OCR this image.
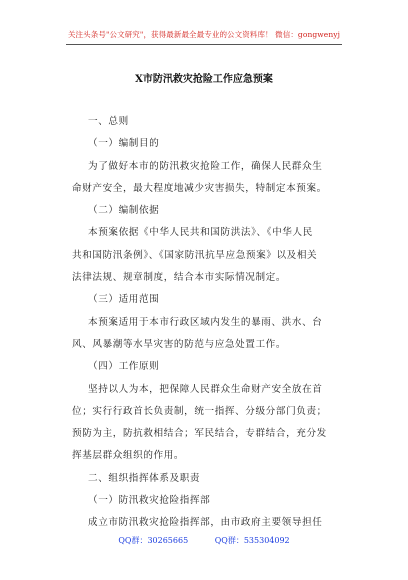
关注头条号"公文研究"，获得最新最全最专业的公文资料库！ 微信：gongwenyj
X市防汛救灾抢险工作应急预案
一、总则
（一）编制目的
为了做好本市的防汛救灾抢险工作，确保人民群众生
命财产安全，最大程度地减少灾害损失，特制定本预案。
（二）编制依据
本预案依据《中华人民共和国防洪法》、《中华人民
共和国防汛条例》、《国家防汛抗旱应急预案》以及相关
法律法规、规章制度，结合本市实际情况制定。
（三）适用范围
本预案适用于本市行政区域内发生的暴雨、洪水、台
风、风暴潮等水旱灾害的防范与应急处置工作。
（四）工作原则
坚持以人为本，把保障人民群众生命财产安全放在首
位；实行行政首长负责制，统一指挥、分级分部门负责；
预防为主，防抗救相结合；军民结合，专群结合，充分发
挥基层群众组织的作用。
二、组织指挥体系及职责
（一）防汛救灾抢险指挥部
成立市防汛救灾抢险指挥部，由市政府主要领导担任
QQ群：30265665	QQ群：535304092
